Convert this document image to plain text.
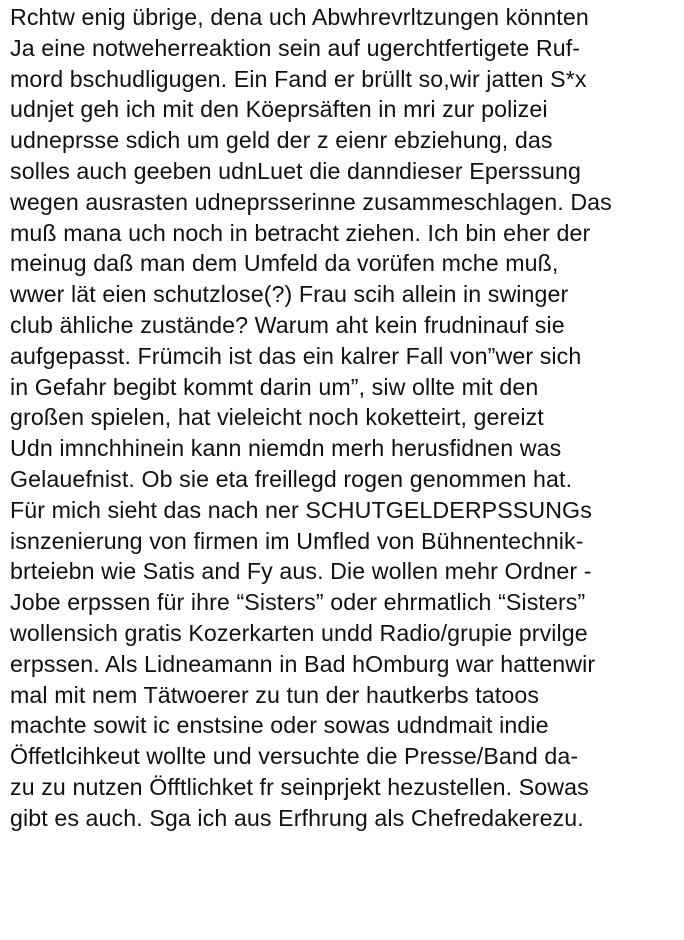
Rchtw enig übrige, dena uch Abwhrevrltzungen könnten
Ja eine notweherreaktion sein auf ugerchtfertigete Ruf-
mord bschudligugen. Ein Fand er brüllt so,wir jatten S*x
udnjet geh ich mit den Köeprsäften in mri zur polizei
udneprsse sdich um geld der z eienr ebziehung, das
solles auch geeben udnLuet die danndieser Eperssung
wegen ausrasten udneprsserinne zusammeschlagen. Das
muß mana uch noch in betracht ziehen. Ich bin eher der
meinug daß man dem Umfeld da vorüfen mche muß,
wwer lät eien schutzlose(?) Frau scih allein in swinger
club ähliche zustände? Warum aht kein frudninauf sie
aufgepasst. Frümcih ist das ein kalrer Fall von”wer sich
in Gefahr begibt kommt darin um”, siw ollte mit den
großen spielen, hat vieleicht noch koketteirt, gereizt
Udn imnchhinein kann niemdn merh herusfidnen was
Gelauefnist. Ob sie eta freillegd rogen genommen hat.
Für mich sieht das nach ner SCHUTGELDERPSSUNGs
isnzenierung von firmen im Umfled von Bühnentechnik-
brteiebn wie Satis and Fy aus. Die wollen mehr Ordner -
Jobe erpssen für ihre “Sisters” oder ehrmatlich “Sisters”
wollensich gratis Kozerkarten undd Radio/grupie prvilge
erpssen. Als Lidneamann in Bad hOmburg war hattenwir
mal mit nem Tätwoerer zu tun der hautkerbs tatoos
machte sowit ic enstsine oder sowas udndmait indie
Öffetlcihkeut wollte und versuchte die Presse/Band da-
zu zu nutzen Öfftlichket fr seinprjekt hezustellen. Sowas
gibt es auch. Sga ich aus Erfhrung als Chefredakerezu.
